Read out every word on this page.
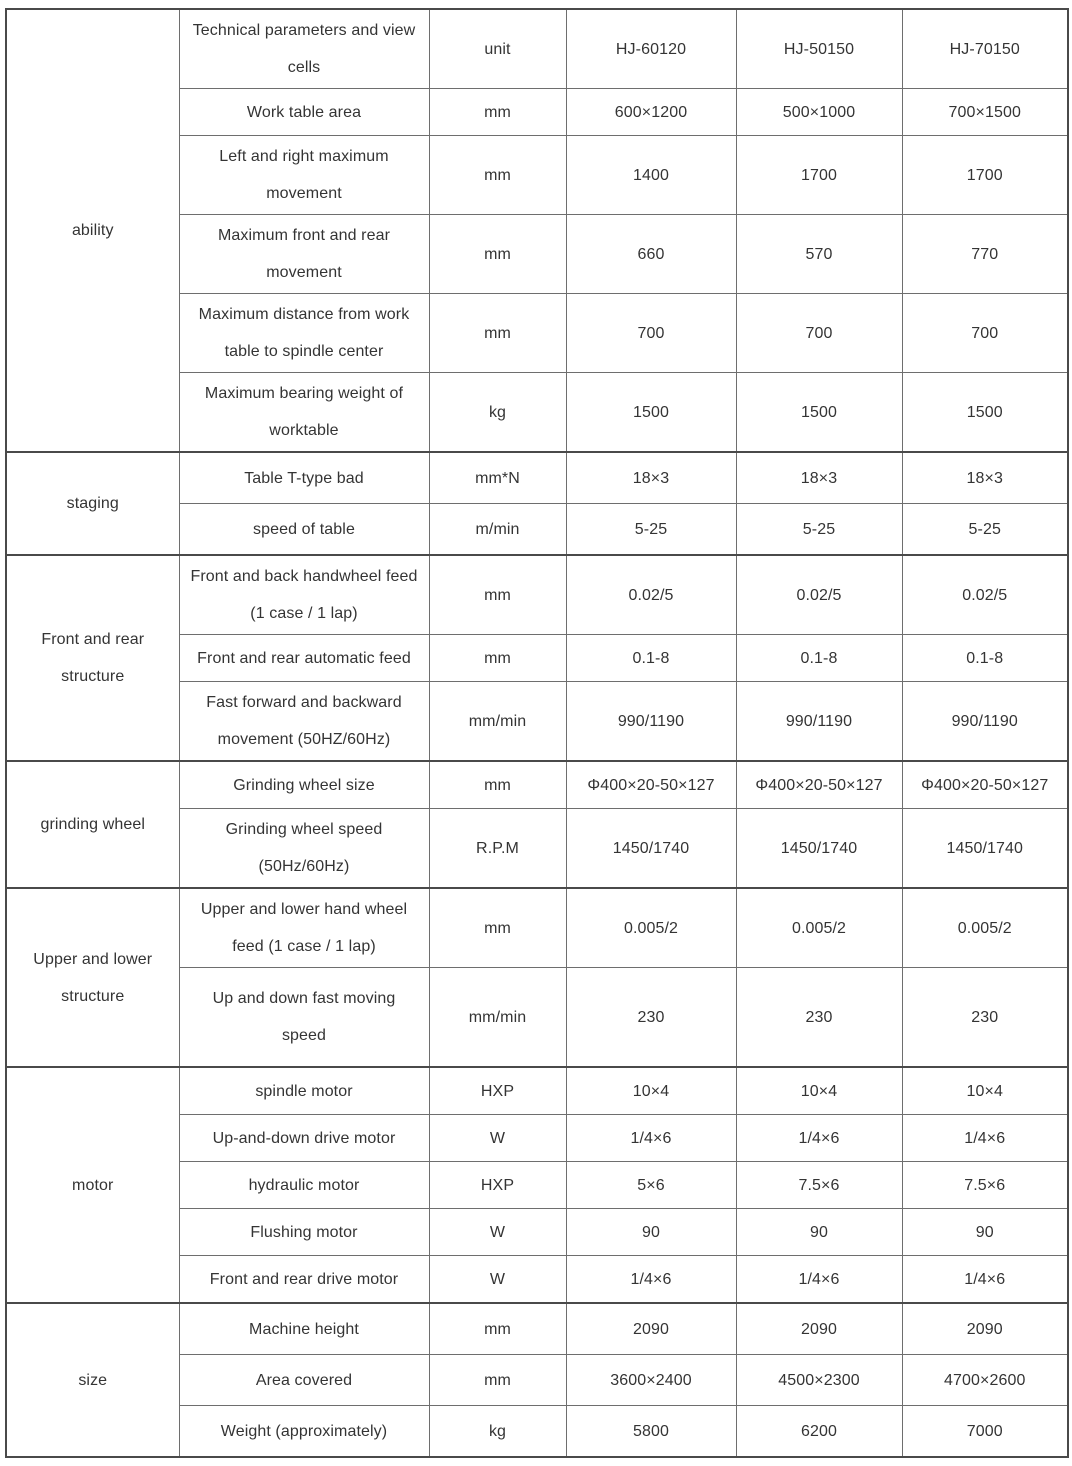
ability	Technical parameters and view cells	unit	HJ-60120	HJ-50150	HJ-70150
	Work table area	mm	600×1200	500×1000	700×1500
	Left and right maximum movement	mm	1400	1700	1700
	Maximum front and rear movement	mm	660	570	770
	Maximum distance from work table to spindle center	mm	700	700	700
	Maximum bearing weight of worktable	kg	1500	1500	1500
staging	Table T-type bad	mm*N	18×3	18×3	18×3
	speed of table	m/min	5-25	5-25	5-25
Front and rear structure	Front and back handwheel feed (1 case / 1 lap)	mm	0.02/5	0.02/5	0.02/5
	Front and rear automatic feed	mm	0.1-8	0.1-8	0.1-8
	Fast forward and backward movement (50HZ/60Hz)	mm/min	990/1190	990/1190	990/1190
grinding wheel	Grinding wheel size	mm	Φ400×20-50×127	Φ400×20-50×127	Φ400×20-50×127
	Grinding wheel speed (50Hz/60Hz)	R.P.M	1450/1740	1450/1740	1450/1740
Upper and lower structure	Upper and lower hand wheel feed (1 case / 1 lap)	mm	0.005/2	0.005/2	0.005/2
	Up and down fast moving speed	mm/min	230	230	230
motor	spindle motor	HXP	10×4	10×4	10×4
	Up-and-down drive motor	W	1/4×6	1/4×6	1/4×6
	hydraulic motor	HXP	5×6	7.5×6	7.5×6
	Flushing motor	W	90	90	90
	Front and rear drive motor	W	1/4×6	1/4×6	1/4×6
size	Machine height	mm	2090	2090	2090
	Area covered	mm	3600×2400	4500×2300	4700×2600
	Weight (approximately)	kg	5800	6200	7000
